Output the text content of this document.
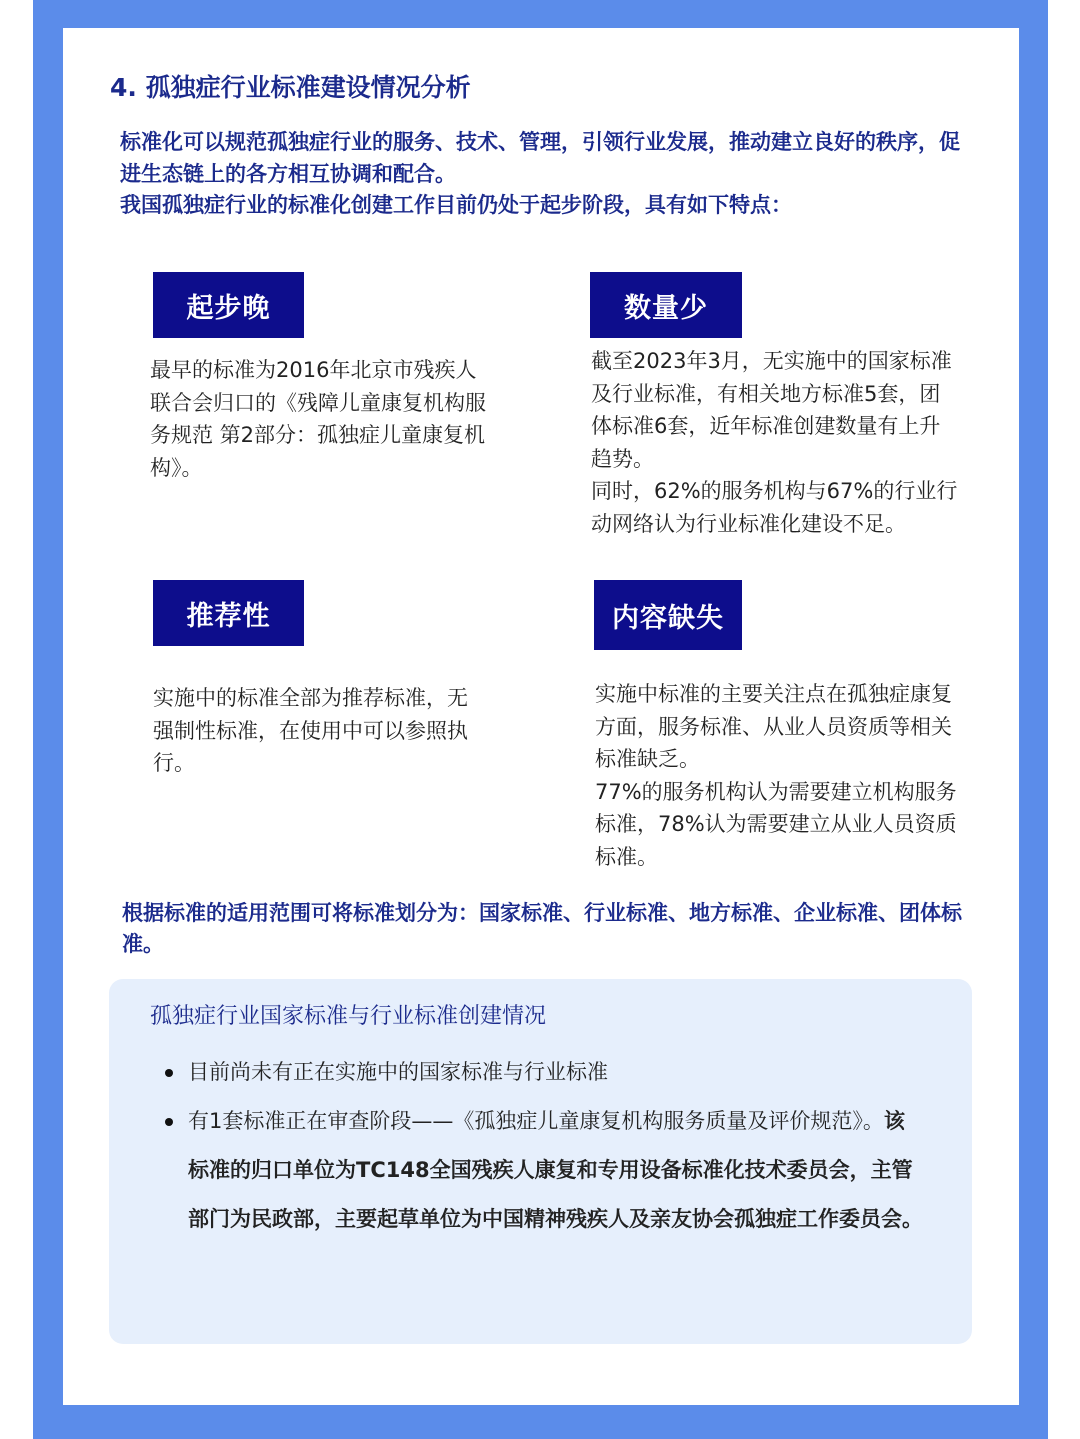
4. 孤独症行业标准建设情况分析

标准化可以规范孤独症行业的服务、技术、管理，引领行业发展，推动建立良好的秩序，促进生态链上的各方相互协调和配合。

我国孤独症行业的标准化创建工作目前仍处于起步阶段，具有如下特点：

起步晚

最早的标准为2016年北京市残疾人联合会归口的《残障儿童康复机构服务规范 第2部分：孤独症儿童康复机构》。

数量少

截至2023年3月，无实施中的国家标准及行业标准，有相关地方标准5套，团体标准6套，近年标准创建数量有上升趋势。

同时，62%的服务机构与67%的行业行动网络认为行业标准化建设不足。

推荐性

实施中的标准全部为推荐标准，无强制性标准，在使用中可以参照执行。

内容缺失

实施中标准的主要关注点在孤独症康复方面，服务标准、从业人员资质等相关标准缺乏。

77%的服务机构认为需要建立机构服务标准，78%认为需要建立从业人员资质标准。

根据标准的适用范围可将标准划分为：国家标准、行业标准、地方标准、企业标准、团体标准。

孤独症行业国家标准与行业标准创建情况
目前尚未有正在实施中的国家标准与行业标准
有1套标准正在审查阶段——《孤独症儿童康复机构服务质量及评价规范》。该标准的归口单位为TC148全国残疾人康复和专用设备标准化技术委员会，主管部门为民政部，主要起草单位为中国精神残疾人及亲友协会孤独症工作委员会。
